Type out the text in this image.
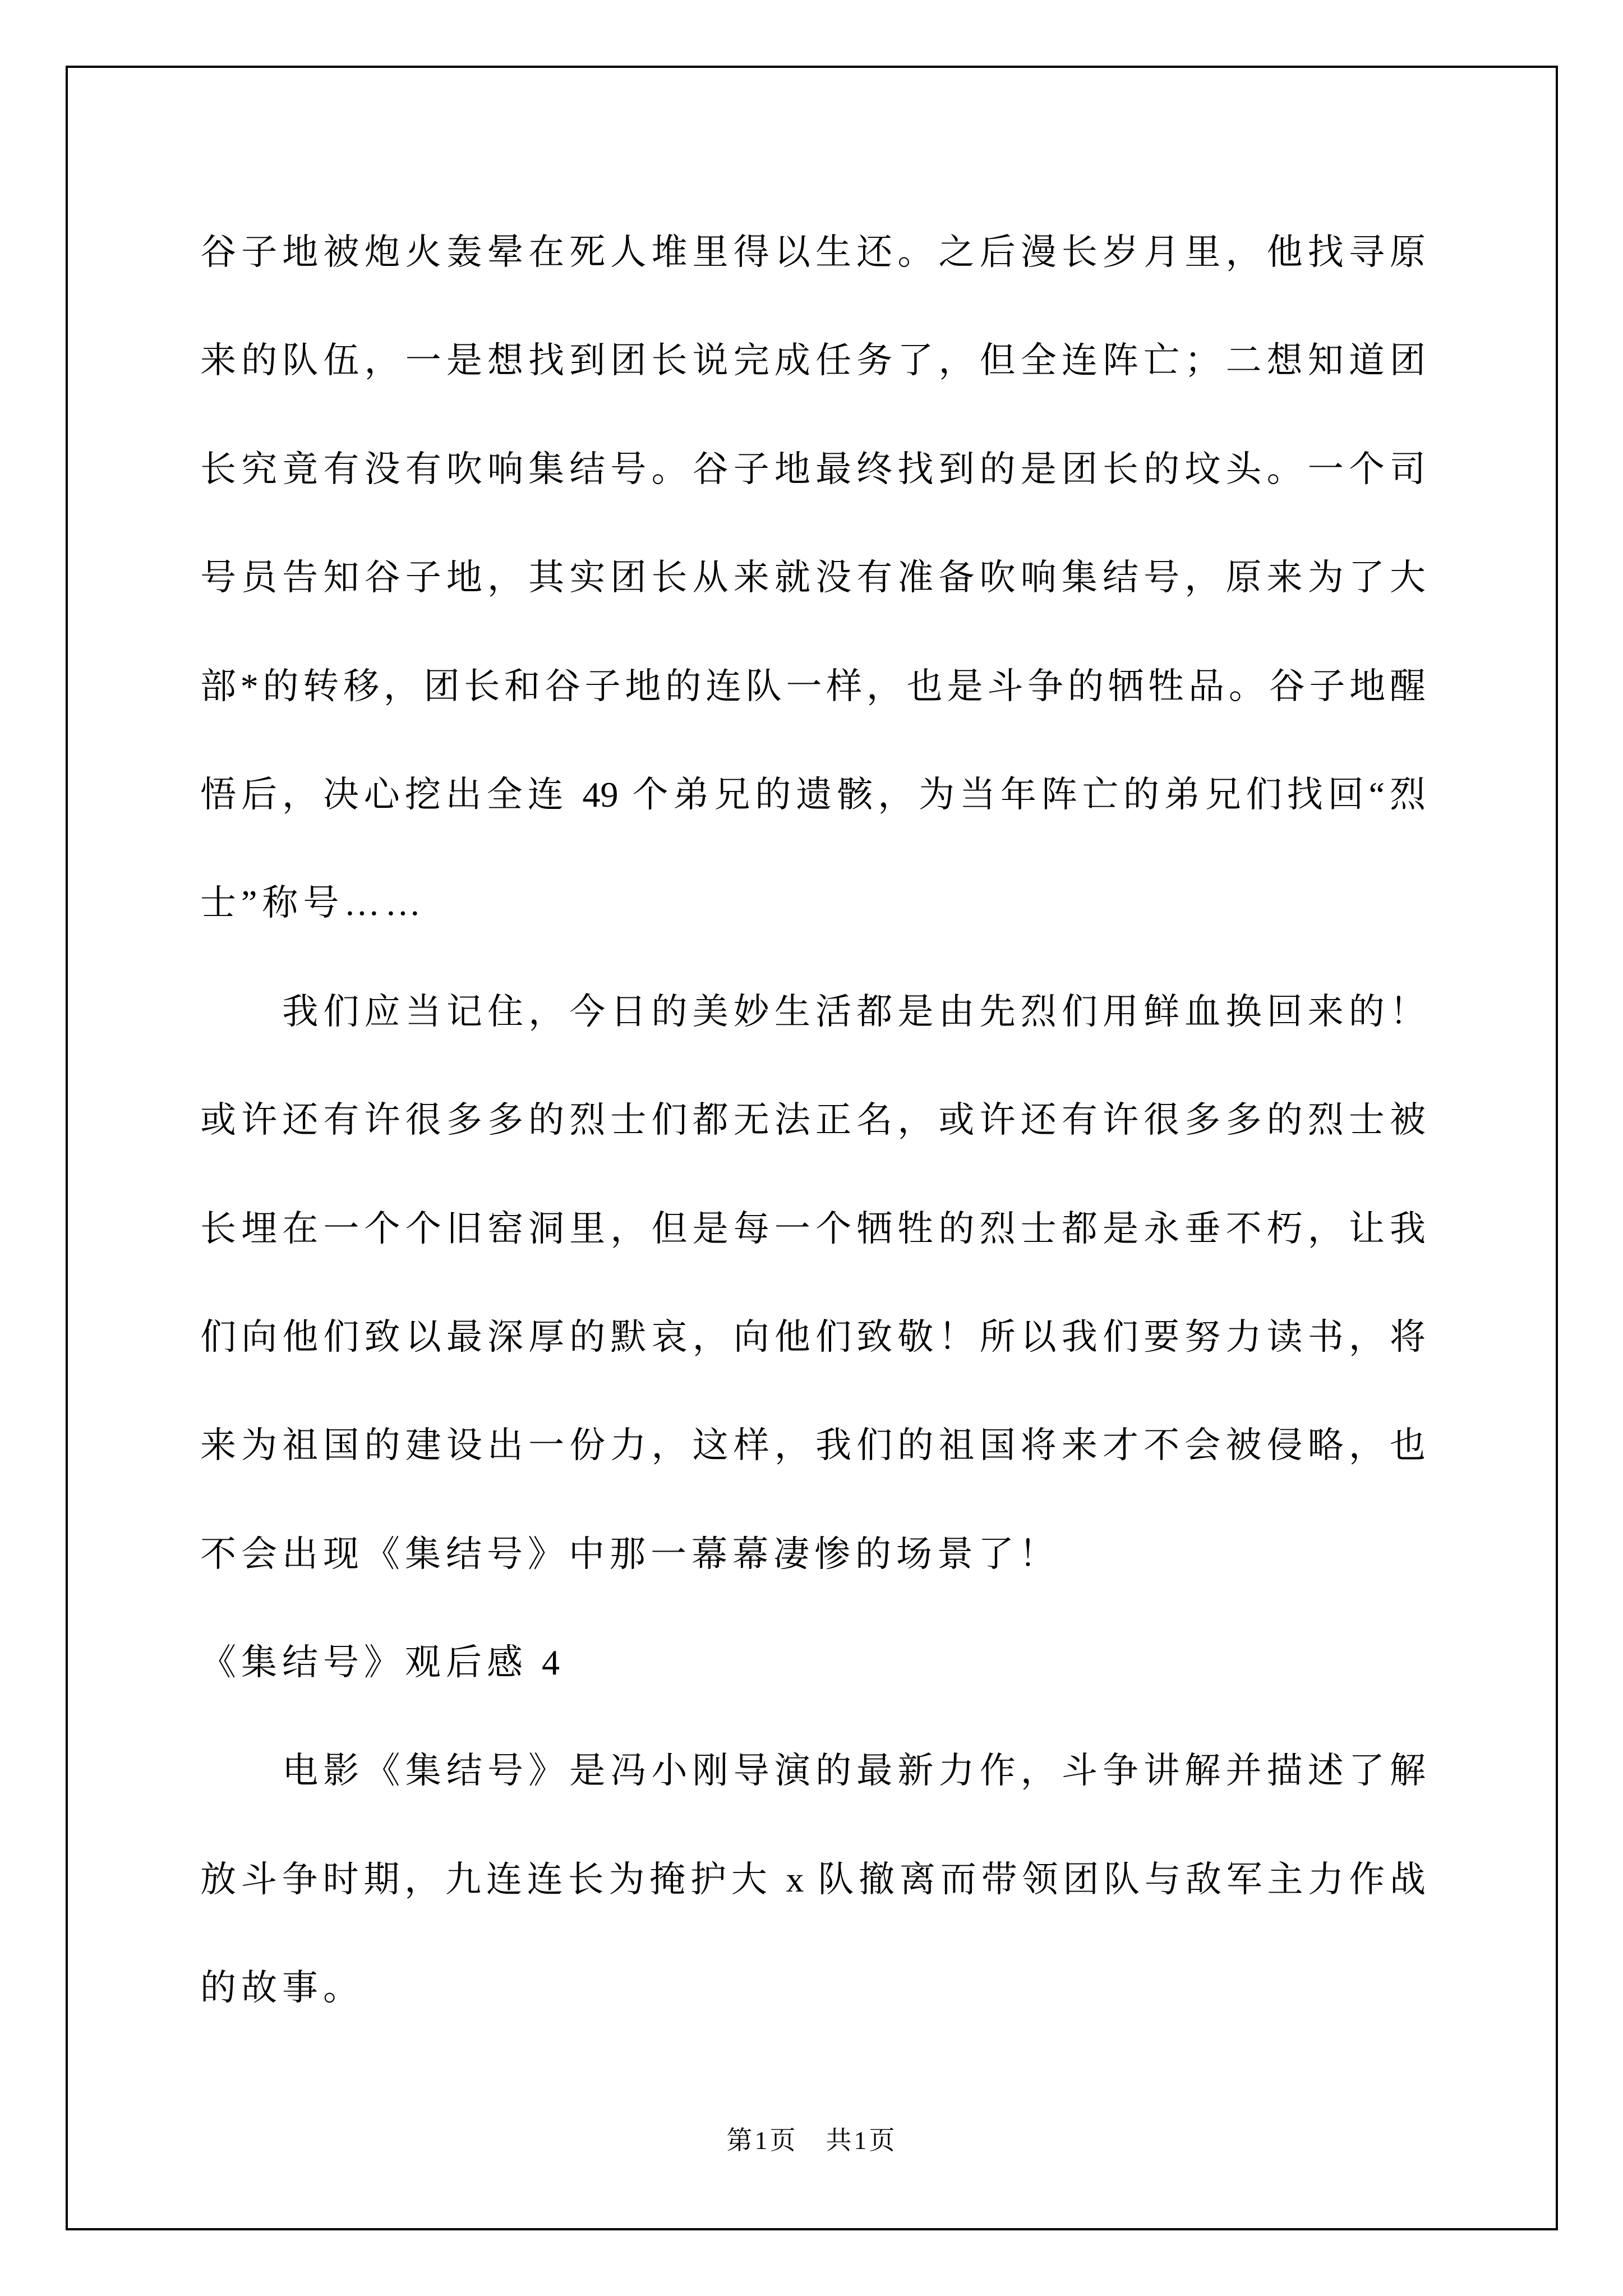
谷子地被炮火轰晕在死人堆里得以生还。之后漫长岁月里，他找寻原
来的队伍，一是想找到团长说完成任务了，但全连阵亡；二想知道团
长究竟有没有吹响集结号。谷子地最终找到的是团长的坟头。一个司
号员告知谷子地，其实团长从来就没有准备吹响集结号，原来为了大
部*的转移，团长和谷子地的连队一样，也是斗争的牺牲品。谷子地醒
悟后，决心挖出全连 49 个弟兄的遗骸，为当年阵亡的弟兄们找回“烈
士”称号……
　　我们应当记住，今日的美妙生活都是由先烈们用鲜血换回来的！
或许还有许很多多的烈士们都无法正名，或许还有许很多多的烈士被
长埋在一个个旧窑洞里，但是每一个牺牲的烈士都是永垂不朽，让我
们向他们致以最深厚的默哀，向他们致敬！所以我们要努力读书，将
来为祖国的建设出一份力，这样，我们的祖国将来才不会被侵略，也
不会出现《集结号》中那一幕幕凄惨的场景了！
《集结号》观后感 4
　　电影《集结号》是冯小刚导演的最新力作，斗争讲解并描述了解
放斗争时期，九连连长为掩护大 x 队撤离而带领团队与敌军主力作战
的故事。
第1页　共1页
